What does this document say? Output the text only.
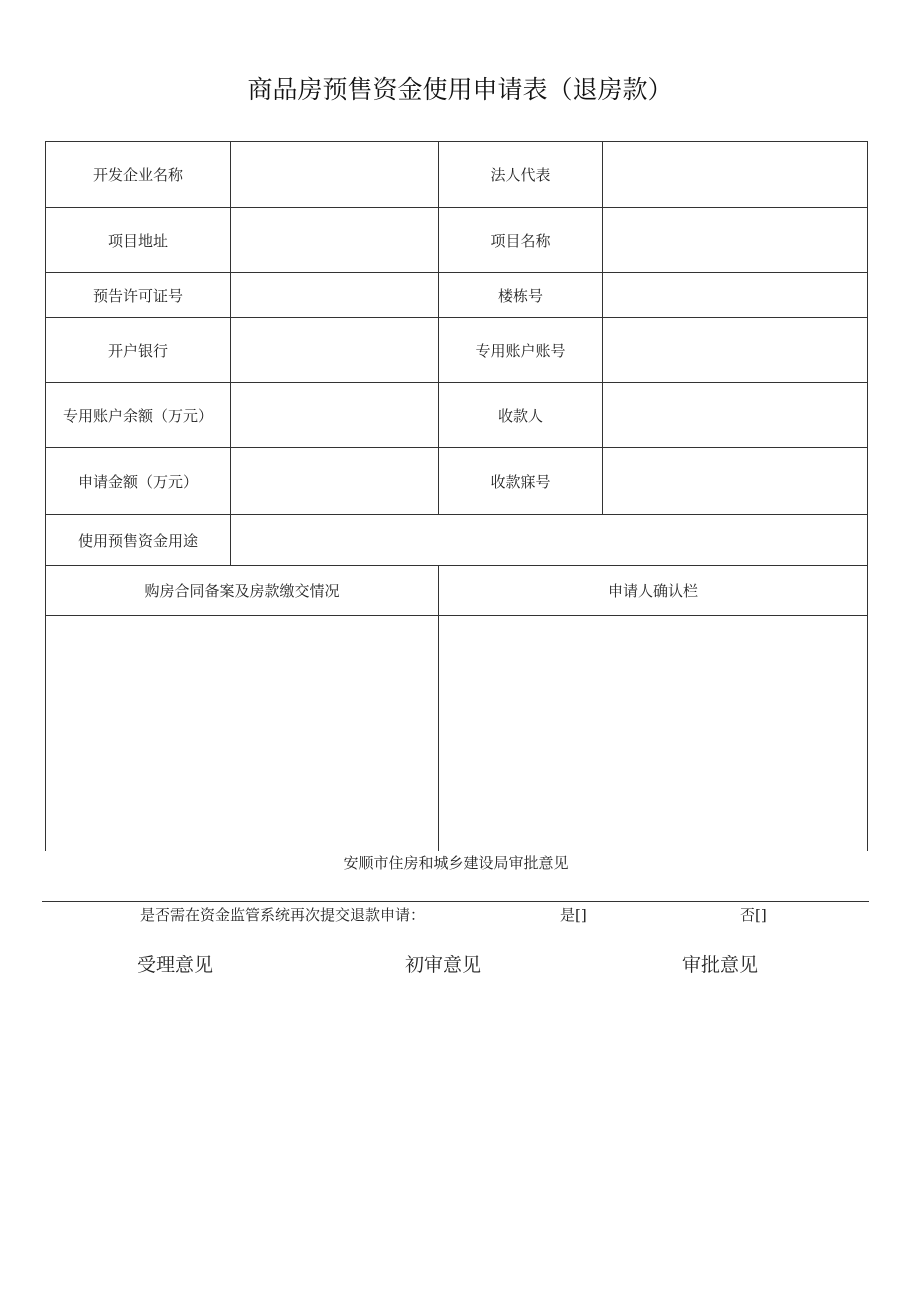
商品房预售资金使用申请表（退房款）
开发企业名称		法人代表	
项目地址		项目名称	
预告许可证号		楼栋号	
开户银行		专用账户账号	
专用账户余额（万元）		收款人	
申请金额（万元）		收款寐号	
使用预售资金用途			
购房合同备案及房款缴交情况		申请人确认栏	

安顺市住房和城乡建设局审批意见
是否需在资金监管系统再次提交退款申请：	是[]	否[]
受理意见	初审意见	审批意见
